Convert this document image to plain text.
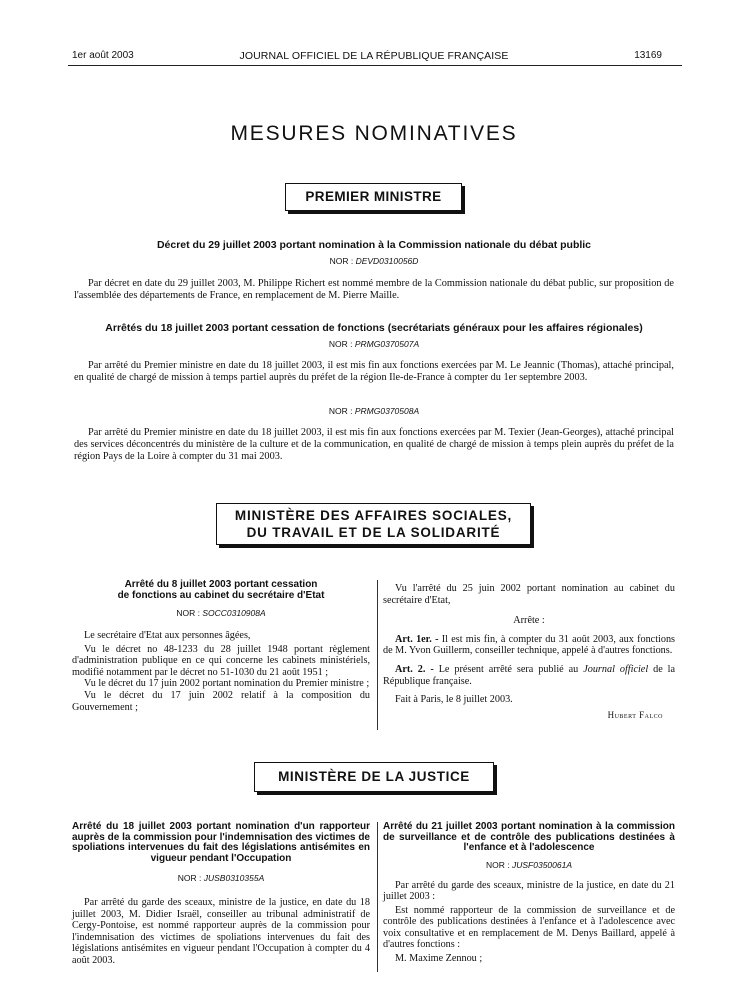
1er août 2003	JOURNAL OFFICIEL DE LA RÉPUBLIQUE FRANÇAISE	13169
MESURES NOMINATIVES
PREMIER MINISTRE
Décret du 29 juillet 2003 portant nomination à la Commission nationale du débat public
NOR : DEVD0310056D
Par décret en date du 29 juillet 2003, M. Philippe Richert est nommé membre de la Commission nationale du débat public, sur proposition de l'assemblée des départements de France, en remplacement de M. Pierre Maille.
Arrêtés du 18 juillet 2003 portant cessation de fonctions (secrétariats généraux pour les affaires régionales)
NOR : PRMG0370507A
Par arrêté du Premier ministre en date du 18 juillet 2003, il est mis fin aux fonctions exercées par M. Le Jeannic (Thomas), attaché principal, en qualité de chargé de mission à temps partiel auprès du préfet de la région Ile-de-France à compter du 1er septembre 2003.
NOR : PRMG0370508A
Par arrêté du Premier ministre en date du 18 juillet 2003, il est mis fin aux fonctions exercées par M. Texier (Jean-Georges), attaché principal des services déconcentrés du ministère de la culture et de la communication, en qualité de chargé de mission à temps plein auprès du préfet de la région Pays de la Loire à compter du 31 mai 2003.
MINISTÈRE DES AFFAIRES SOCIALES,
DU TRAVAIL ET DE LA SOLIDARITÉ
Arrêté du 8 juillet 2003 portant cessation
de fonctions au cabinet du secrétaire d'Etat
NOR : SOCC0310908A
Le secrétaire d'Etat aux personnes âgées,
Vu le décret no 48-1233 du 28 juillet 1948 portant règlement d'administration publique en ce qui concerne les cabinets ministériels, modifié notamment par le décret no 51-1030 du 21 août 1951 ;
Vu le décret du 17 juin 2002 portant nomination du Premier ministre ;
Vu le décret du 17 juin 2002 relatif à la composition du Gouvernement ;
Vu l'arrêté du 25 juin 2002 portant nomination au cabinet du secrétaire d'Etat,
Arrête :
Art. 1er. - Il est mis fin, à compter du 31 août 2003, aux fonctions de M. Yvon Guillerm, conseiller technique, appelé à d'autres fonctions.
Art. 2. - Le présent arrêté sera publié au Journal officiel de la République française.
Fait à Paris, le 8 juillet 2003.
Hubert Falco
MINISTÈRE DE LA JUSTICE
Arrêté du 18 juillet 2003 portant nomination d'un rapporteur auprès de la commission pour l'indemnisation des victimes de spoliations intervenues du fait des législations antisémites en vigueur pendant l'Occupation
NOR : JUSB0310355A
Par arrêté du garde des sceaux, ministre de la justice, en date du 18 juillet 2003, M. Didier Israël, conseiller au tribunal administratif de Cergy-Pontoise, est nommé rapporteur auprès de la commission pour l'indemnisation des victimes de spoliations intervenues du fait des législations antisémites en vigueur pendant l'Occupation à compter du 4 août 2003.
Arrêté du 21 juillet 2003 portant nomination à la commission de surveillance et de contrôle des publications destinées à l'enfance et à l'adolescence
NOR : JUSF0350061A
Par arrêté du garde des sceaux, ministre de la justice, en date du 21 juillet 2003 :
Est nommé rapporteur de la commission de surveillance et de contrôle des publications destinées à l'enfance et à l'adolescence avec voix consultative et en remplacement de M. Denys Baillard, appelé à d'autres fonctions :
M. Maxime Zennou ;
